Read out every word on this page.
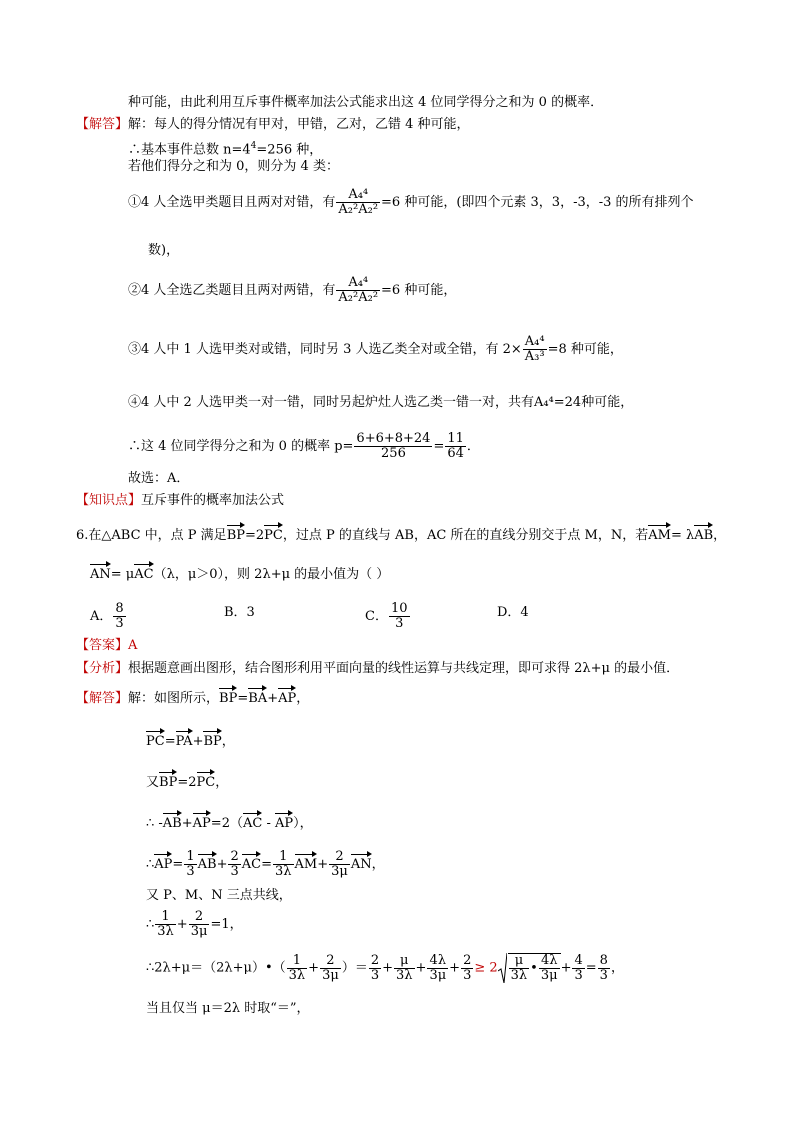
种可能，由此利用互斥事件概率加法公式能求出这 4 位同学得分之和为 0 的概率．
【解答】解：每人的得分情况有甲对，甲错，乙对，乙错 4 种可能，
∴基本事件总数 $n=4^4=256$ 种，
若他们得分之和为 0，则分为 4 类：
①4 人全选甲类题目且两对对错，有 $\frac{\text{A₄⁴}}{\text{A₂²A₂²}} =6$ 种可能，(即四个元素 3，3，-3，-3 的所有排列个
数)，
②4 人全选乙类题目且两对两错，有 $\frac{\text{A₄⁴}}{\text{A₂²A₂²}} =6$ 种可能，
③4 人中 1 人选甲类对或错，同时另 3 人选乙类全对或全错，有 $2\times \frac{\text{A₄⁴}}{\text{A₃³}} =8$ 种可能，
④4 人中 2 人选甲类一对一错，同时另起炉灶人选乙类一错一对，共有A₄⁴=24种可能，
∴这 4 位同学得分之和为 0 的概率 $p= \frac{6+6+8+24}{256} = \frac{11}{64}$ ．
故选：A．
【知识点】互斥事件的概率加法公式
6.在△ABC 中，点 P 满足BP=2PC，过点 P 的直线与 AB，AC 所在的直线分别交于点 M，N，若AM= λAB，
AN= μAC（λ，μ＞0），则 2λ+μ 的最小值为（ ）
A． $\frac{8}{3}$	B．3	C． $\frac{10}{3}$	D．4
【答案】A
【分析】根据题意画出图形，结合图形利用平面向量的线性运算与共线定理，即可求得 2λ+μ 的最小值．
【解答】解：如图所示，BP=BA+AP，
PC=PA+BP，
又BP=2PC，
∴ -AB+AP=2（AC - AP），
∴AP= $\frac{1}{3} AB+ \frac{2}{3} AC= \frac{1}{3\lambda} AM+ \frac{2}{3\mu}$ AN，
又 P、M、N 三点共线，
∴ $\frac{1}{3\lambda} + \frac{2}{3\mu} =1$，
∴2λ+μ＝（2λ+μ）•（ $\frac{1}{3\lambda} + \frac{2}{3\mu}$ ）＝ $\frac{2}{3} + \frac{\mu}{3\lambda} + \frac{4\lambda}{3\mu} + \frac{2}{3} \ge 2 \frac{\mu}{3\lambda}$ • $\frac{4\lambda}{3\mu} + \frac{4}{3} = \frac{8}{3}$ ，
当且仅当 μ＝2λ 时取“＝”，
